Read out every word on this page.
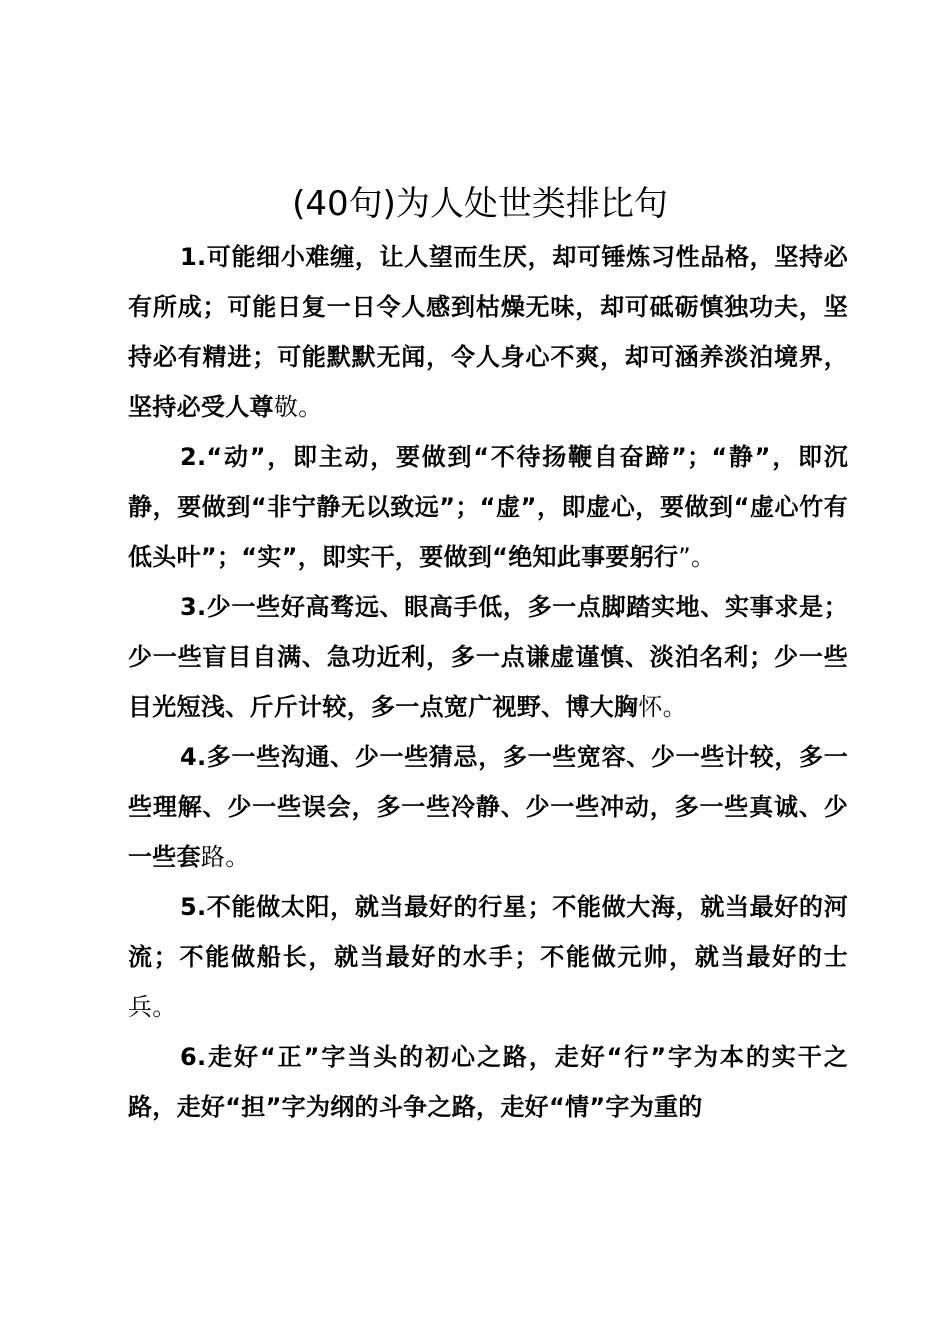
(40句)为人处世类排比句

1.可能细小难缠，让人望而生厌，却可锤炼习性品格，坚持必有所成；可能日复一日令人感到枯燥无味，却可砥砺慎独功夫，坚持必有精进；可能默默无闻，令人身心不爽，却可涵养淡泊境界，坚持必受人尊敬。

2.“动”，即主动，要做到“不待扬鞭自奋蹄”；“静”，即沉静，要做到“非宁静无以致远”；“虚”，即虚心，要做到“虚心竹有低头叶”；“实”，即实干，要做到“绝知此事要躬行”。

3.少一些好高骛远、眼高手低，多一点脚踏实地、实事求是；少一些盲目自满、急功近利，多一点谦虚谨慎、淡泊名利；少一些目光短浅、斤斤计较，多一点宽广视野、博大胸怀。

4.多一些沟通、少一些猜忌，多一些宽容、少一些计较，多一些理解、少一些误会，多一些冷静、少一些冲动，多一些真诚、少一些套路。

5.不能做太阳，就当最好的行星；不能做大海，就当最好的河流；不能做船长，就当最好的水手；不能做元帅，就当最好的士兵。

6.走好“正”字当头的初心之路，走好“行”字为本的实干之路，走好“担”字为纲的斗争之路，走好“情”字为重的
